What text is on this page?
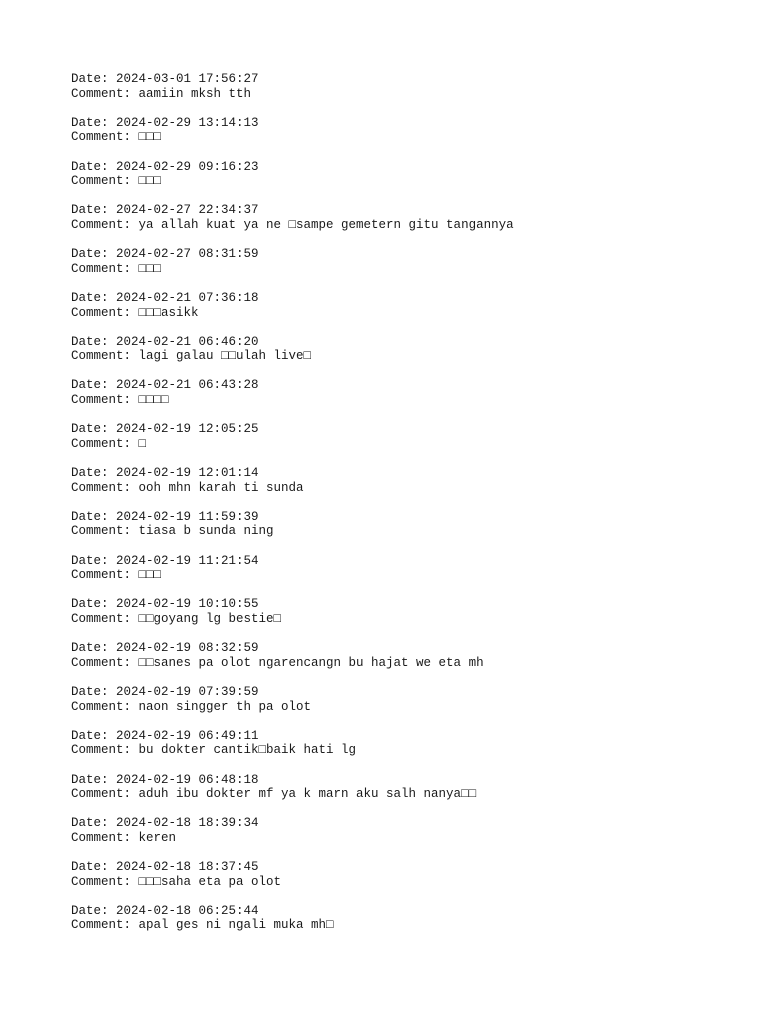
Date: 2024-03-01 17:56:27
Comment: aamiin mksh tth
Date: 2024-02-29 13:14:13
Comment: □□□
Date: 2024-02-29 09:16:23
Comment: □□□
Date: 2024-02-27 22:34:37
Comment: ya allah kuat ya ne □sampe gemetern gitu tangannya
Date: 2024-02-27 08:31:59
Comment: □□□
Date: 2024-02-21 07:36:18
Comment: □□□asikk
Date: 2024-02-21 06:46:20
Comment: lagi galau □□ulah live□
Date: 2024-02-21 06:43:28
Comment: □□□□
Date: 2024-02-19 12:05:25
Comment: □
Date: 2024-02-19 12:01:14
Comment: ooh mhn karah ti sunda
Date: 2024-02-19 11:59:39
Comment: tiasa b sunda ning
Date: 2024-02-19 11:21:54
Comment: □□□
Date: 2024-02-19 10:10:55
Comment: □□goyang lg bestie□
Date: 2024-02-19 08:32:59
Comment: □□sanes pa olot ngarencangn bu hajat we eta mh
Date: 2024-02-19 07:39:59
Comment: naon singger th pa olot
Date: 2024-02-19 06:49:11
Comment: bu dokter cantik□baik hati lg
Date: 2024-02-19 06:48:18
Comment: aduh ibu dokter mf ya k marn aku salh nanya□□
Date: 2024-02-18 18:39:34
Comment: keren
Date: 2024-02-18 18:37:45
Comment: □□□saha eta pa olot
Date: 2024-02-18 06:25:44
Comment: apal ges ni ngali muka mh□
